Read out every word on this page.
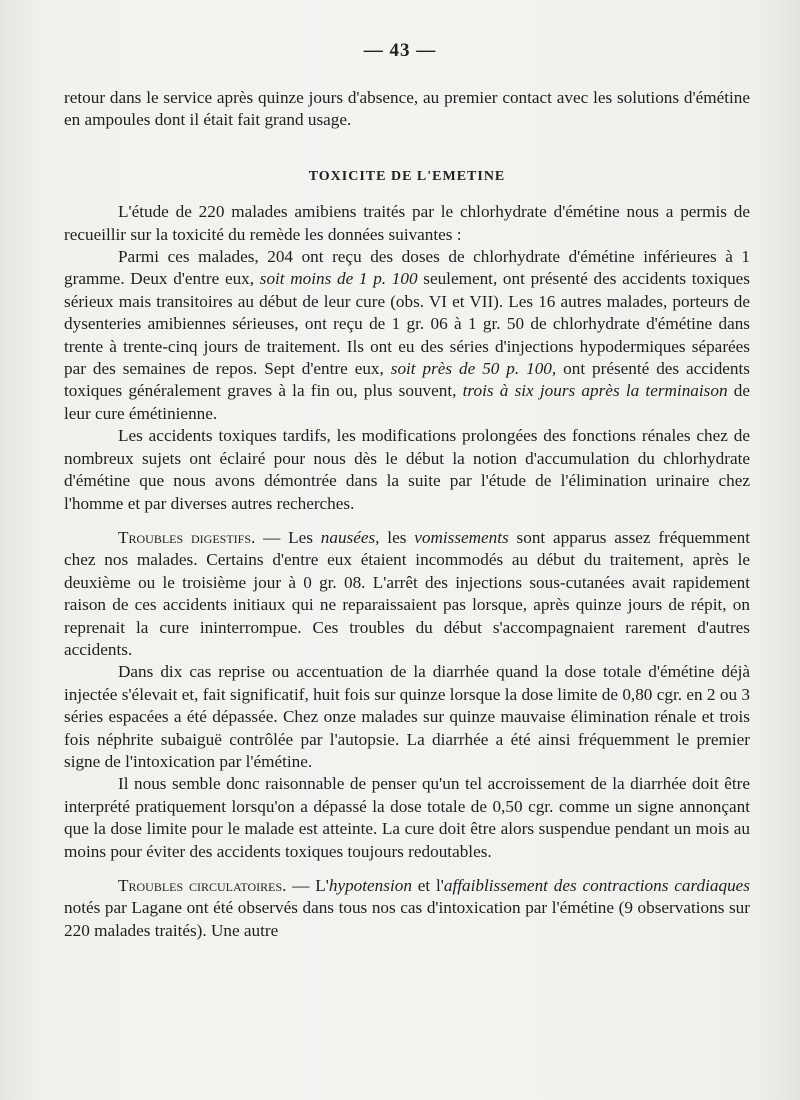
— 43 —

retour dans le service après quinze jours d'absence, au premier contact avec les solutions d'émétine en ampoules dont il était fait grand usage.

TOXICITE DE L'EMETINE

L'étude de 220 malades amibiens traités par le chlorhydrate d'émétine nous a permis de recueillir sur la toxicité du remède les données suivantes :

Parmi ces malades, 204 ont reçu des doses de chlorhydrate d'émétine inférieures à 1 gramme. Deux d'entre eux, soit moins de 1 p. 100 seulement, ont présenté des accidents toxiques sérieux mais transitoires au début de leur cure (obs. VI et VII). Les 16 autres malades, porteurs de dysenteries amibiennes sérieuses, ont reçu de 1 gr. 06 à 1 gr. 50 de chlorhydrate d'émétine dans trente à trente-cinq jours de traitement. Ils ont eu des séries d'injections hypodermiques séparées par des semaines de repos. Sept d'entre eux, soit près de 50 p. 100, ont présenté des accidents toxiques généralement graves à la fin ou, plus souvent, trois à six jours après la terminaison de leur cure émétinienne.

Les accidents toxiques tardifs, les modifications prolongées des fonctions rénales chez de nombreux sujets ont éclairé pour nous dès le début la notion d'accumulation du chlorhydrate d'émétine que nous avons démontrée dans la suite par l'étude de l'élimination urinaire chez l'homme et par diverses autres recherches.

Troubles digestifs. — Les nausées, les vomissements sont apparus assez fréquemment chez nos malades. Certains d'entre eux étaient incommodés au début du traitement, après le deuxième ou le troisième jour à 0 gr. 08. L'arrêt des injections sous-cutanées avait rapidement raison de ces accidents initiaux qui ne reparaissaient pas lorsque, après quinze jours de répit, on reprenait la cure ininterrompue. Ces troubles du début s'accompagnaient rarement d'autres accidents.

Dans dix cas reprise ou accentuation de la diarrhée quand la dose totale d'émétine déjà injectée s'élevait et, fait significatif, huit fois sur quinze lorsque la dose limite de 0,80 cgr. en 2 ou 3 séries espacées a été dépassée. Chez onze malades sur quinze mauvaise élimination rénale et trois fois néphrite subaiguë contrôlée par l'autopsie. La diarrhée a été ainsi fréquemment le premier signe de l'intoxication par l'émétine.

Il nous semble donc raisonnable de penser qu'un tel accroissement de la diarrhée doit être interprété pratiquement lorsqu'on a dépassé la dose totale de 0,50 cgr. comme un signe annonçant que la dose limite pour le malade est atteinte. La cure doit être alors suspendue pendant un mois au moins pour éviter des accidents toxiques toujours redoutables.

Troubles circulatoires. — L'hypotension et l'affaiblissement des contractions cardiaques notés par Lagane ont été observés dans tous nos cas d'intoxication par l'émétine (9 observations sur 220 malades traités). Une autre
